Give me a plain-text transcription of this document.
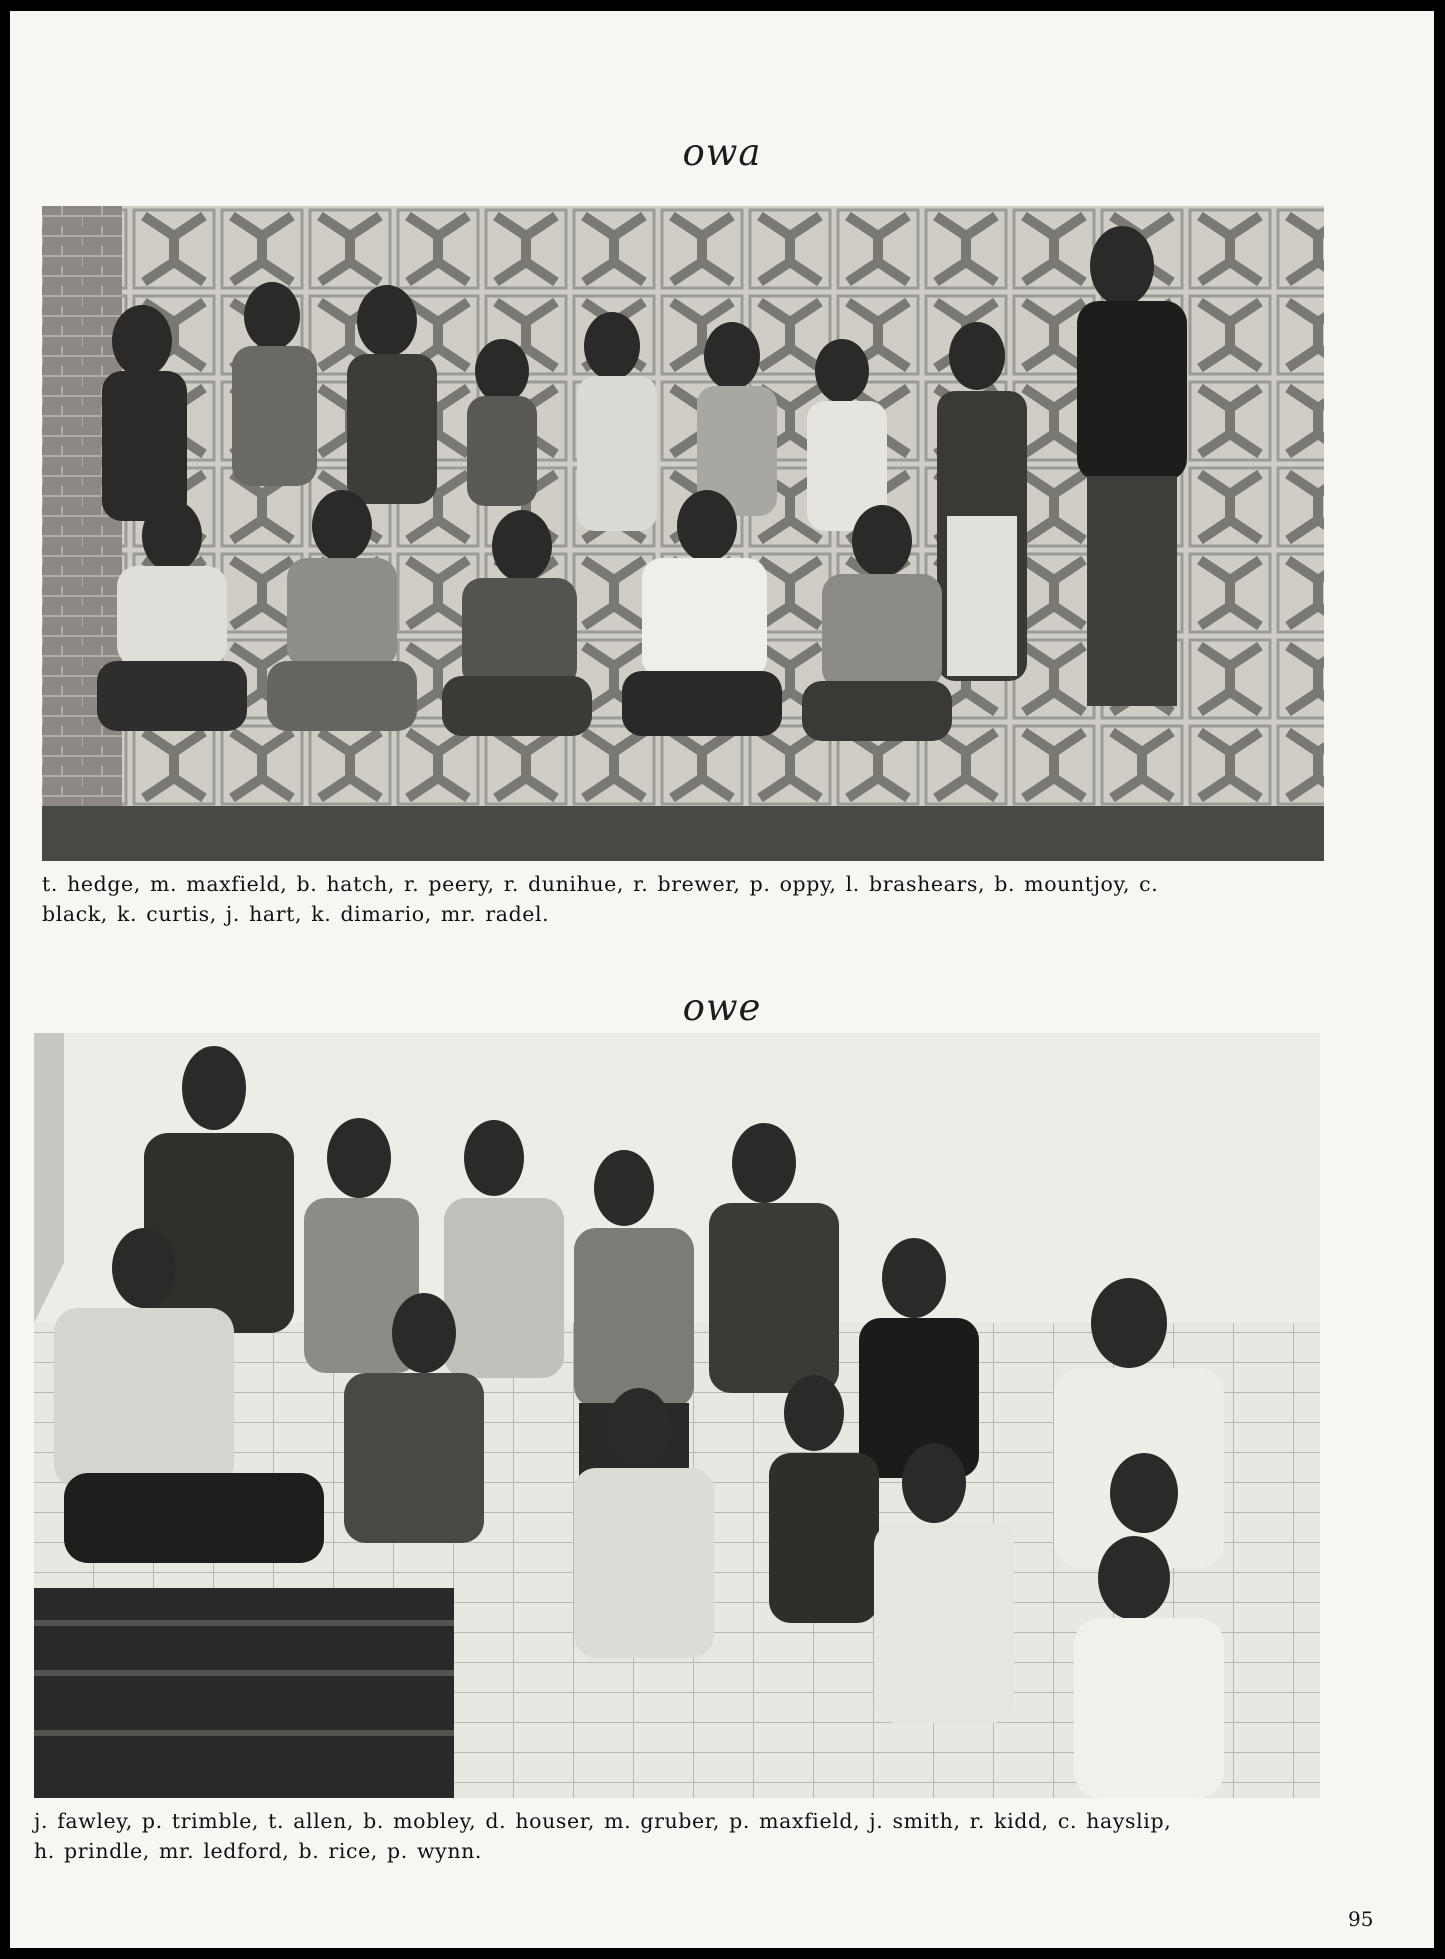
owa
t. hedge, m. maxfield, b. hatch, r. peery, r. dunihue, r. brewer, p. oppy, l. brashears, b. mountjoy, c.
black, k. curtis, j. hart, k. dimario, mr. radel.
owe
j. fawley, p. trimble, t. allen, b. mobley, d. houser, m. gruber, p. maxfield, j. smith, r. kidd, c. hayslip,
h. prindle, mr. ledford, b. rice, p. wynn.
95
